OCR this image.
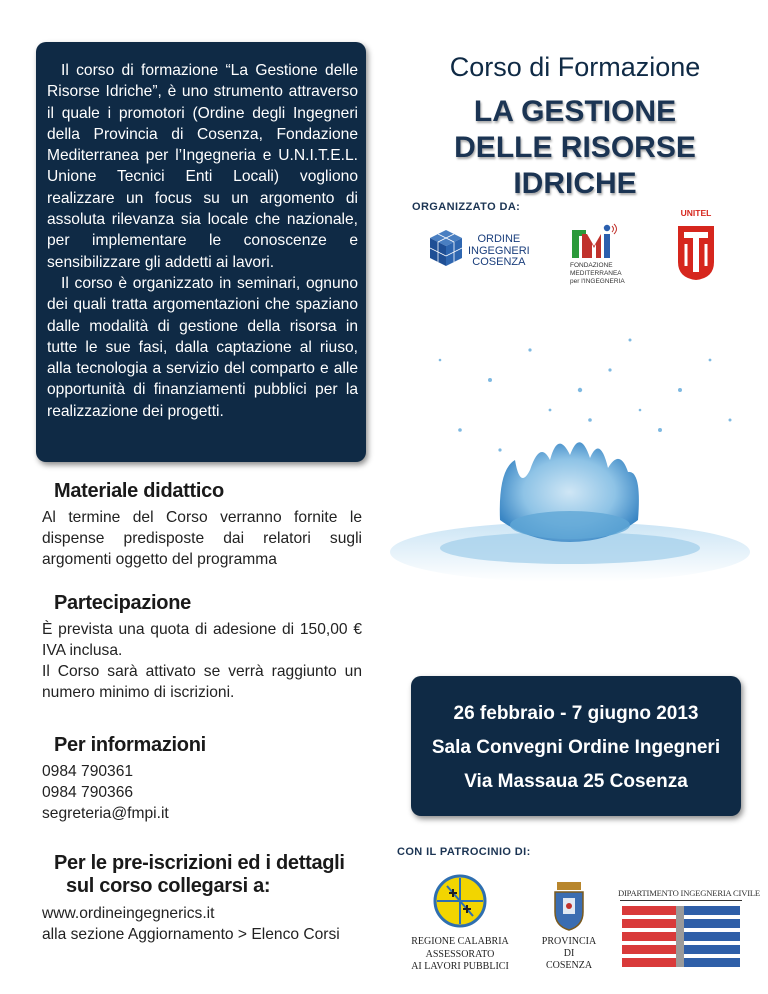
Il corso di formazione “La Gestione delle Risorse Idriche”, è uno strumento attraverso il quale i promotori (Ordine degli Ingegneri della Provincia di Cosenza, Fondazione Mediterranea per l’Ingegneria e U.N.I.T.E.L. Unione Tecnici Enti Locali) vogliono realizzare un focus su un argomento di assoluta rilevanza sia locale che nazionale, per implementare le conoscenze e sensibilizzare gli addetti ai lavori.

Il corso è organizzato in seminari, ognuno dei quali tratta argomentazioni che spaziano dalle modalità di gestione della risorsa in tutte le sue fasi, dalla captazione al riuso, alla tecnologia a servizio del comparto e alle opportunità di finanziamenti pubblici per la realizzazione dei progetti.

Materiale didattico
Al termine del Corso verranno fornite le dispense predisposte dai relatori sugli argomenti oggetto del programma
Partecipazione
È prevista una quota di adesione di 150,00 € IVA inclusa.
Il Corso sarà attivato se verrà raggiunto un numero minimo di iscrizioni.
Per informazioni
0984 790361
0984 790366
segreteria@fmpi.it
Per le pre-iscrizioni ed i dettagli
sul corso collegarsi a:
www.ordineingegnerics.it
alla sezione Aggiornamento > Elenco Corsi
Corso di Formazione
LA GESTIONE
DELLE RISORSE IDRICHE
ORGANIZZATO DA:
ORDINE
INGEGNERI
COSENZA	FONDAZIONE
MEDITERRANEA
per l'INGEGNERIA
UNITEL
26 febbraio - 7 giugno 2013
Sala Convegni Ordine Ingegneri
Via Massaua 25 Cosenza
CON IL PATROCINIO DI:
REGIONE CALABRIA
ASSESSORATO
AI LAVORI PUBBLICI
PROVINCIA
DI
COSENZA
DIPARTIMENTO INGEGNERIA CIVILE
